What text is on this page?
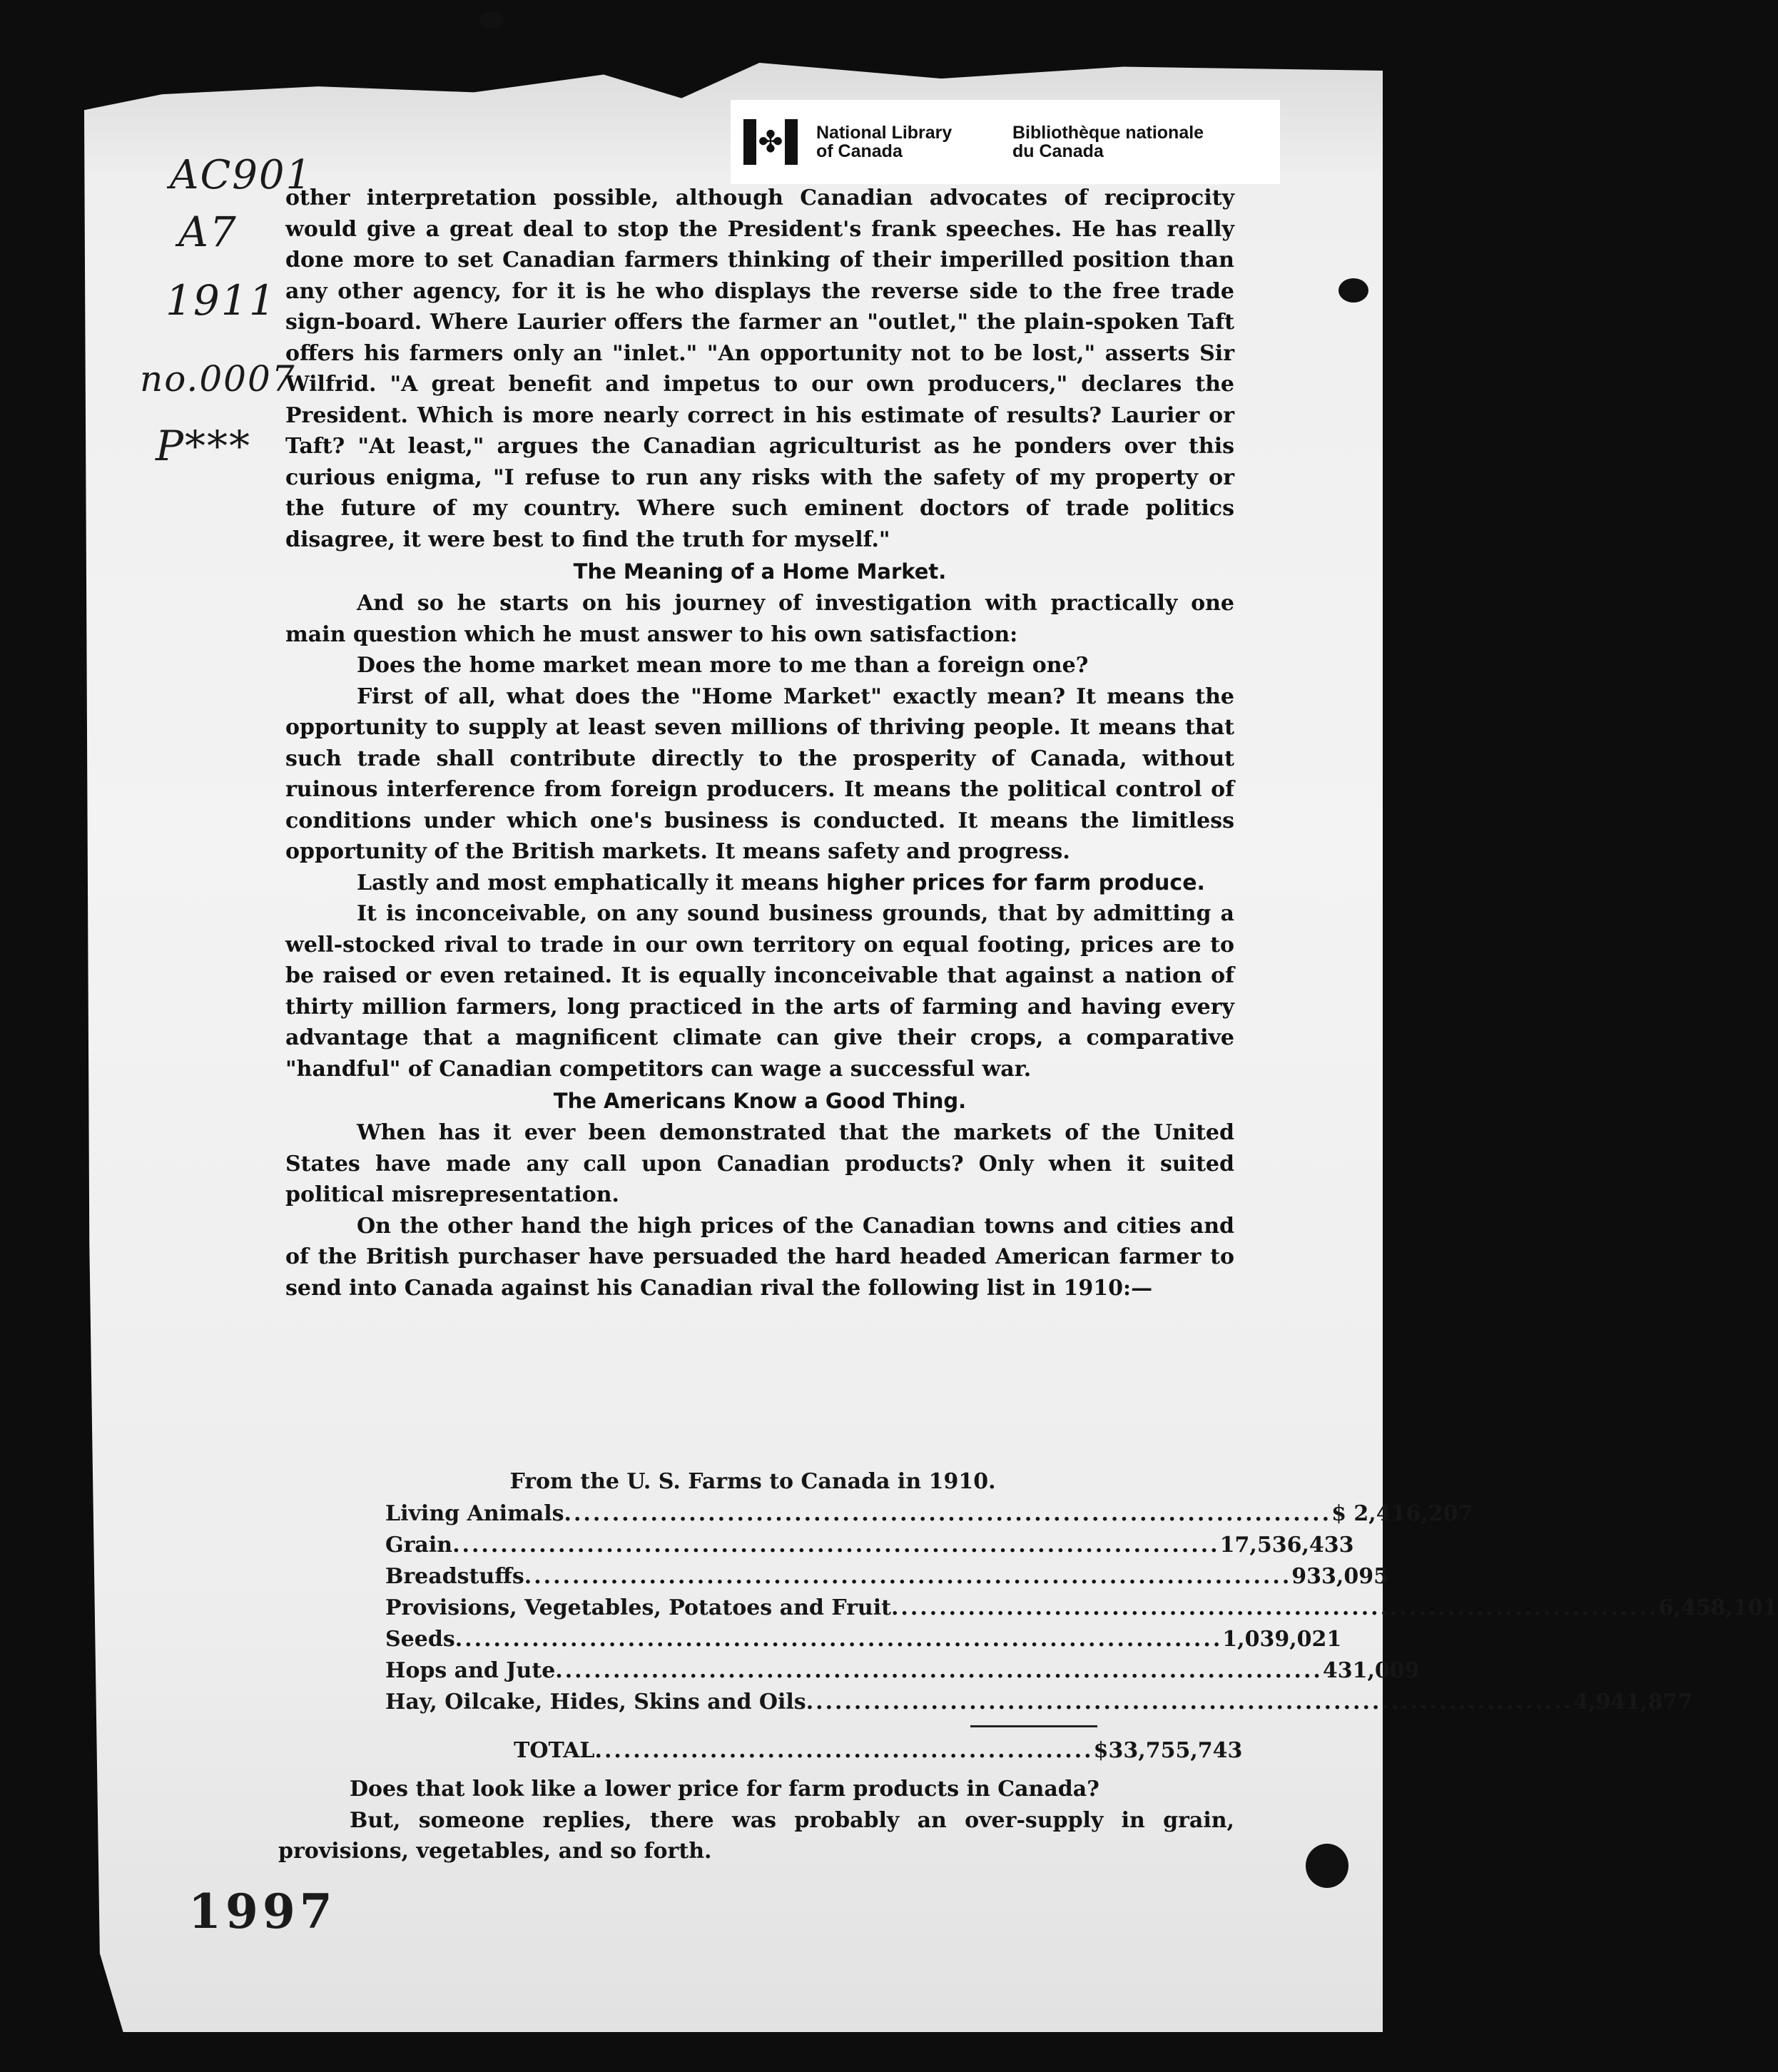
✤ National Library
of Canada
Bibliothèque nationale
du Canada
AC901
A7
1911
no.0007
P***

other interpretation possible, although Canadian advocates of reciprocity would give a great deal to stop the President's frank speeches. He has really done more to set Canadian farmers thinking of their imperilled position than any other agency, for it is he who displays the reverse side to the free trade sign-board. Where Laurier offers the farmer an "outlet," the plain-spoken Taft offers his farmers only an "inlet." "An opportunity not to be lost," asserts Sir Wilfrid. "A great benefit and impetus to our own producers," declares the President. Which is more nearly correct in his estimate of results? Laurier or Taft? "At least," argues the Canadian agriculturist as he ponders over this curious enigma, "I refuse to run any risks with the safety of my property or the future of my country. Where such eminent doctors of trade politics disagree, it were best to find the truth for myself."

The Meaning of a Home Market.

And so he starts on his journey of investigation with practically one main question which he must answer to his own satisfaction:

Does the home market mean more to me than a foreign one?

First of all, what does the "Home Market" exactly mean? It means the opportunity to supply at least seven millions of thriving people. It means that such trade shall contribute directly to the prosperity of Canada, without ruinous interference from foreign producers. It means the political control of conditions under which one's business is conducted. It means the limitless opportunity of the British markets. It means safety and progress.

Lastly and most emphatically it means higher prices for farm produce.

It is inconceivable, on any sound business grounds, that by admitting a well-stocked rival to trade in our own territory on equal footing, prices are to be raised or even retained. It is equally inconceivable that against a nation of thirty million farmers, long practiced in the arts of farming and having every advantage that a magnificent climate can give their crops, a comparative "handful" of Canadian competitors can wage a successful war.

The Americans Know a Good Thing.

When has it ever been demonstrated that the markets of the United States have made any call upon Canadian products? Only when it suited political misrepresentation.

On the other hand the high prices of the Canadian towns and cities and of the British purchaser have persuaded the hard headed American farmer to send into Canada against his Canadian rival the following list in 1910:—

From the U. S. Farms to Canada in 1910.
Living Animals ................................................................................ $ 2,416,207
Grain ................................................................................ 17,536,433
Breadstuffs ................................................................................ 933,095
Provisions, Vegetables, Potatoes and Fruit ................................................................................ 6,458,101
Seeds ................................................................................ 1,039,021
Hops and Jute ................................................................................ 431,009
Hay, Oilcake, Hides, Skins and Oils ................................................................................ 4,941,877
TOTAL .................................................... $33,755,743

Does that look like a lower price for farm products in Canada?

But, someone replies, there was probably an over-supply in grain, provisions, vegetables, and so forth.

1997
